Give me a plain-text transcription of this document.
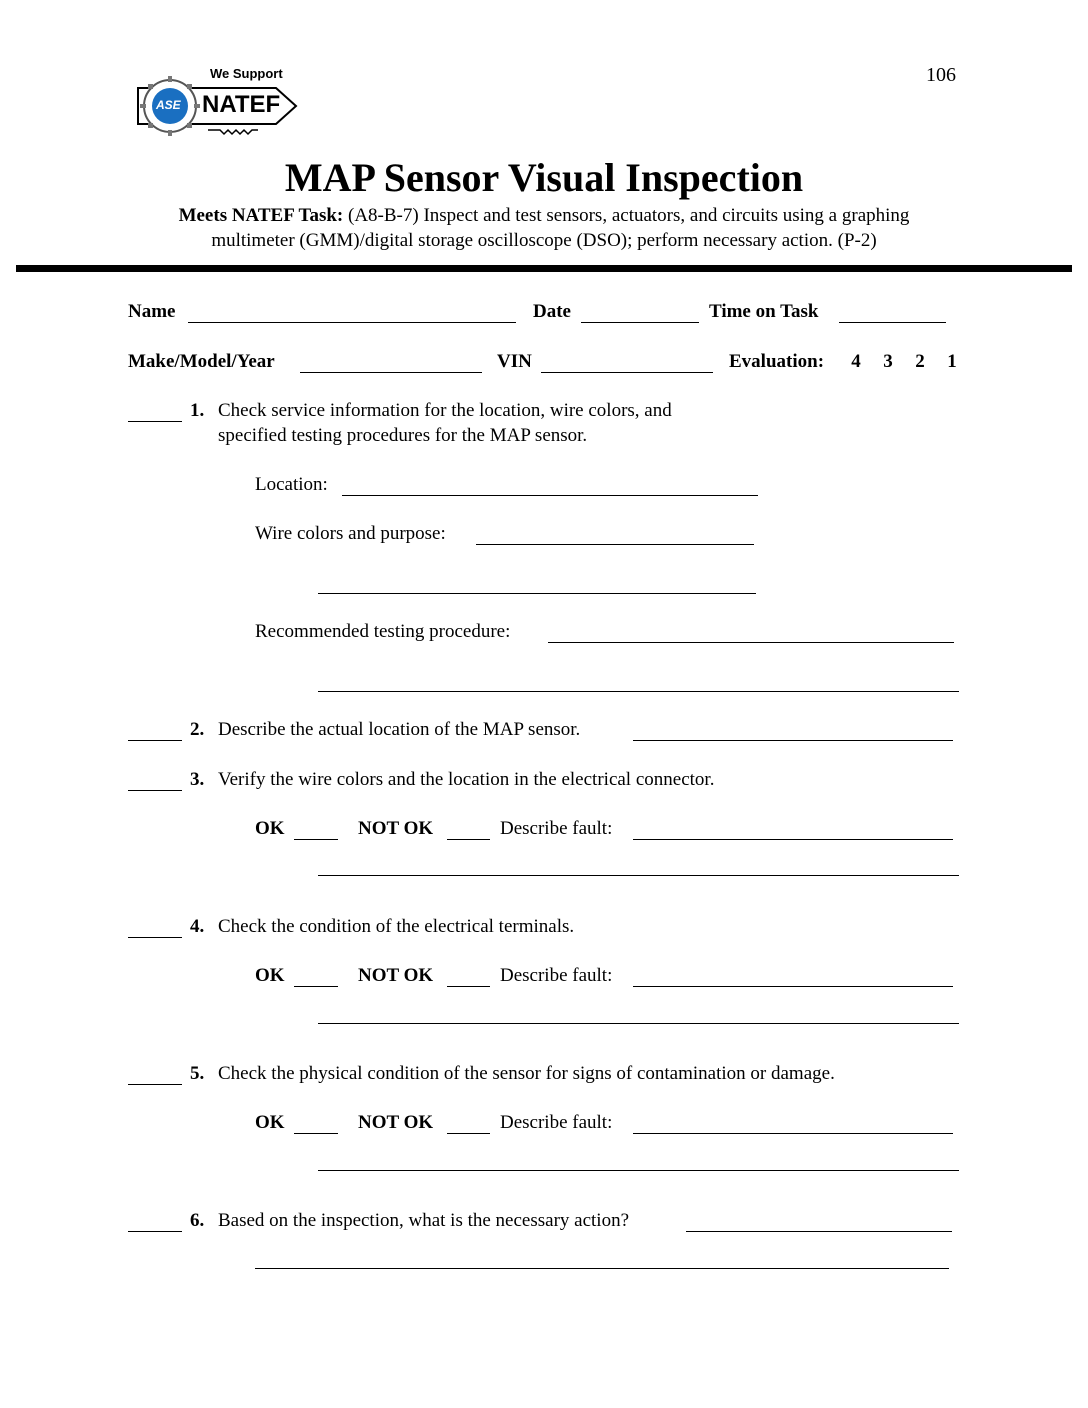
ASE
We Support
NATEF
106
MAP Sensor Visual Inspection
Meets NATEF Task: (A8-B-7) Inspect and test sensors, actuators, and circuits using a graphing
multimeter (GMM)/digital storage oscilloscope (DSO); perform necessary action. (P-2)
Name	Date	Time on Task
Make/Model/Year	VIN	Evaluation:	4 3 2 1
1. Check service information for the location, wire colors, and
specified testing procedures for the MAP sensor.
Location:
Wire colors and purpose:
Recommended testing procedure:
2. Describe the actual location of the MAP sensor.
3. Verify the wire colors and the location in the electrical connector.
OK	NOT OK	Describe fault:
4. Check the condition of the electrical terminals.
OK	NOT OK	Describe fault:
5. Check the physical condition of the sensor for signs of contamination or damage.
OK	NOT OK	Describe fault:
6. Based on the inspection, what is the necessary action?
